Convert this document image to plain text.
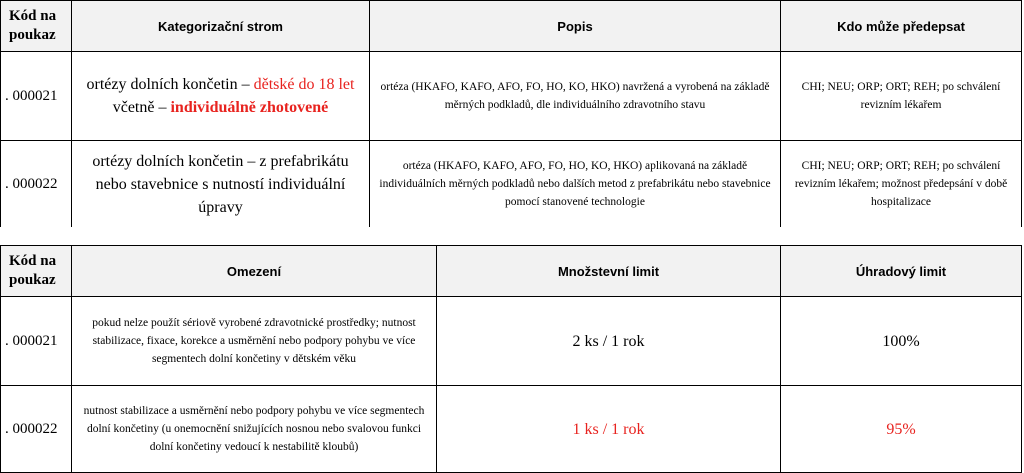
Kód na poukaz	Kategorizační strom	Popis	Kdo může předepsat
. 000021	ortézy dolních končetin – dětské do 18 let včetně – individuálně zhotovené	ortéza (HKAFO, KAFO, AFO, FO, HO, KO, HKO) navržená a vyrobená na základě měrných podkladů, dle individuálního zdravotního stavu	CHI; NEU; ORP; ORT; REH; po schválení revizním lékařem
. 000022	ortézy dolních končetin – z prefabrikátu nebo stavebnice s nutností individuální úpravy	ortéza (HKAFO, KAFO, AFO, FO, HO, KO, HKO) aplikovaná na základě individuálních měrných podkladů nebo dalších metod z prefabrikátu nebo stavebnice pomocí stanovené technologie	CHI; NEU; ORP; ORT; REH; po schválení revizním lékařem; možnost předepsání v době hospitalizace
Kód na poukaz	Omezení	Množstevní limit	Úhradový limit
. 000021	pokud nelze použít sériově vyrobené zdravotnické prostředky; nutnost stabilizace, fixace, korekce a usměrnění nebo podpory pohybu ve více segmentech dolní končetiny v dětském věku	2 ks / 1 rok	100%
. 000022	nutnost stabilizace a usměrnění nebo podpory pohybu ve více segmentech dolní končetiny (u onemocnění snižujících nosnou nebo svalovou funkci dolní končetiny vedoucí k nestabilitě kloubů)	1 ks / 1 rok	95%
